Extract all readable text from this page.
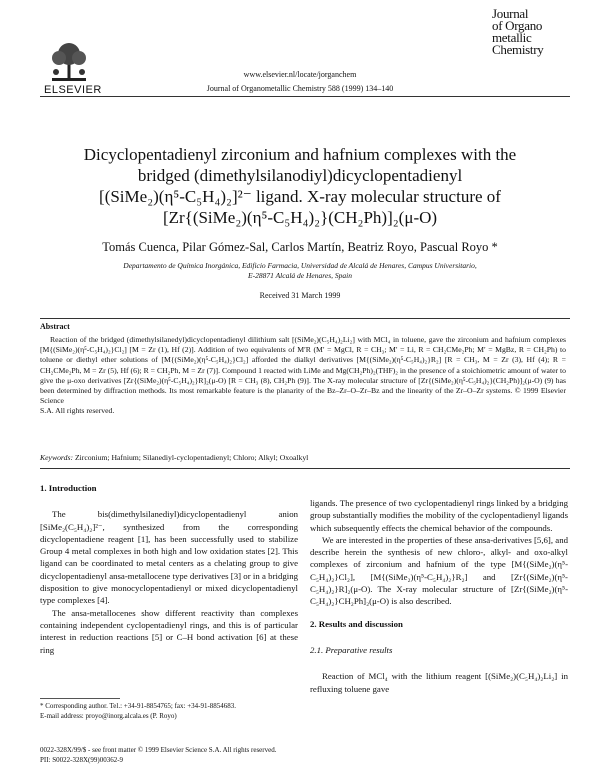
ELSEVIER
www.elsevier.nl/locate/jorganchem
Journal of Organometallic Chemistry 588 (1999) 134–140
Journal
of Organo
metallic
Chemistry
Dicyclopentadienyl zirconium and hafnium complexes with the
bridged (dimethylsilanodiyl)dicyclopentadienyl
[(SiMe₂)(η⁵-C₅H₄)₂]²⁻ ligand. X-ray molecular structure of
[Zr{(SiMe₂)(η⁵-C₅H₄)₂}(CH₂Ph)]₂(μ-O)
Tomás Cuenca, Pilar Gómez-Sal, Carlos Martín, Beatriz Royo, Pascual Royo *
Departamento de Química Inorgánica, Edificio Farmacia, Universidad de Alcalá de Henares, Campus Universitario,
E-28871 Alcalá de Henares, Spain
Received 31 March 1999
Abstract
Reaction of the bridged (dimethylsilanedyl)dicyclopentadienyl dilithium salt [(SiMe₂)(C₅H₄)₂Li₂] with MCl₄ in toluene, gave the zirconium and hafnium complexes [M{(SiMe₂)(η⁵-C₅H₄)₂}Cl₂] [M = Zr (1), Hf (2)]. Addition of two equivalents of M′R (M′ = MgCl, R = CH₃; M′ = Li, R = CH₂CMe₂Ph; M′ = MgBz, R = CH₂Ph) to toluene or diethyl ether solutions of [M{(SiMe₂)(η⁵-C₅H₄)₂}Cl₂] afforded the dialkyl derivatives [M{(SiMe₂)(η⁵-C₅H₄)₂}R₂] [R = CH₃, M = Zr (3), Hf (4); R = CH₂CMe₂Ph, M = Zr (5), Hf (6); R = CH₂Ph, M = Zr (7)]. Compound 1 reacted with LiMe and Mg(CH₂Ph)₂(THF)₂ in the presence of a stoichiometric amount of water to give the μ-oxo derivatives [Zr{(SiMe₂)(η⁵-C₅H₄)₂}R]₂(μ-O) [R = CH₃ (8), CH₂Ph (9)]. The X-ray molecular structure of [Zr{(SiMe₂)(η⁵-C₅H₄)₂}(CH₂Ph)]₂(μ-O) (9) has been determined by diffraction methods. Its most remarkable feature is the planarity of the Bz–Zr–O–Zr–Bz and the linearity of the Zr–O–Zr systems. © 1999 Elsevier Science
S.A. All rights reserved.
Keywords: Zirconium; Hafnium; Silanediyl-cyclopentadienyl; Chloro; Alkyl; Oxoalkyl
1. Introduction

The bis(dimethylsilanediyl)dicyclopentadienyl anion [SiMe₂(C₅H₄)₂]²⁻, synthesized from the corresponding dicyclopentadiene reagent [1], has been successfully used to stabilize Group 4 metal complexes in both high and low oxidation states [2]. This ligand can be coordinated to metal centers as a chelating group to give dicyclopentadienyl ansa-metallocene type derivatives [3] or in a bridging disposition to give monocyclopentadienyl or mixed dicyclopentadienyl type complexes [4].

The ansa-metallocenes show different reactivity than complexes containing independent cyclopentadienyl rings, and this is of particular interest in reduction reactions [5] or C–H bond activation [6] at these ring

* Corresponding author. Tel.: +34-91-8854765; fax: +34-91-8854683.
E-mail address: proyo@inorg.alcala.es (P. Royo)

ligands. The presence of two cyclopentadienyl rings linked by a bridging group substantially modifies the mobility of the cyclopentadienyl ligands which subsequently effects the chemical behavior of the compounds.

We are interested in the properties of these ansa-derivatives [5,6], and describe herein the synthesis of new chloro-, alkyl- and oxo-alkyl complexes of zirconium and hafnium of the type [M{(SiMe₂)(η⁵-C₅H₄)₂}Cl₂], [M{(SiMe₂)(η⁵-C₅H₄)₂}R₂] and [Zr{(SiMe₂)(η⁵-C₅H₄)₂}R]₂(μ-O). The X-ray molecular structure of [Zr{(SiMe₂)(η⁵-C₅H₄)₂}CH₂Ph]₂(μ-O) is also described.

2. Results and discussion
2.1. Preparative results

Reaction of MCl₄ with the lithium reagent [(SiMe₂)(C₅H₄)₂Li₂] in refluxing toluene gave

0022-328X/99/$ - see front matter © 1999 Elsevier Science S.A. All rights reserved.
PII: S0022-328X(99)00362-9
